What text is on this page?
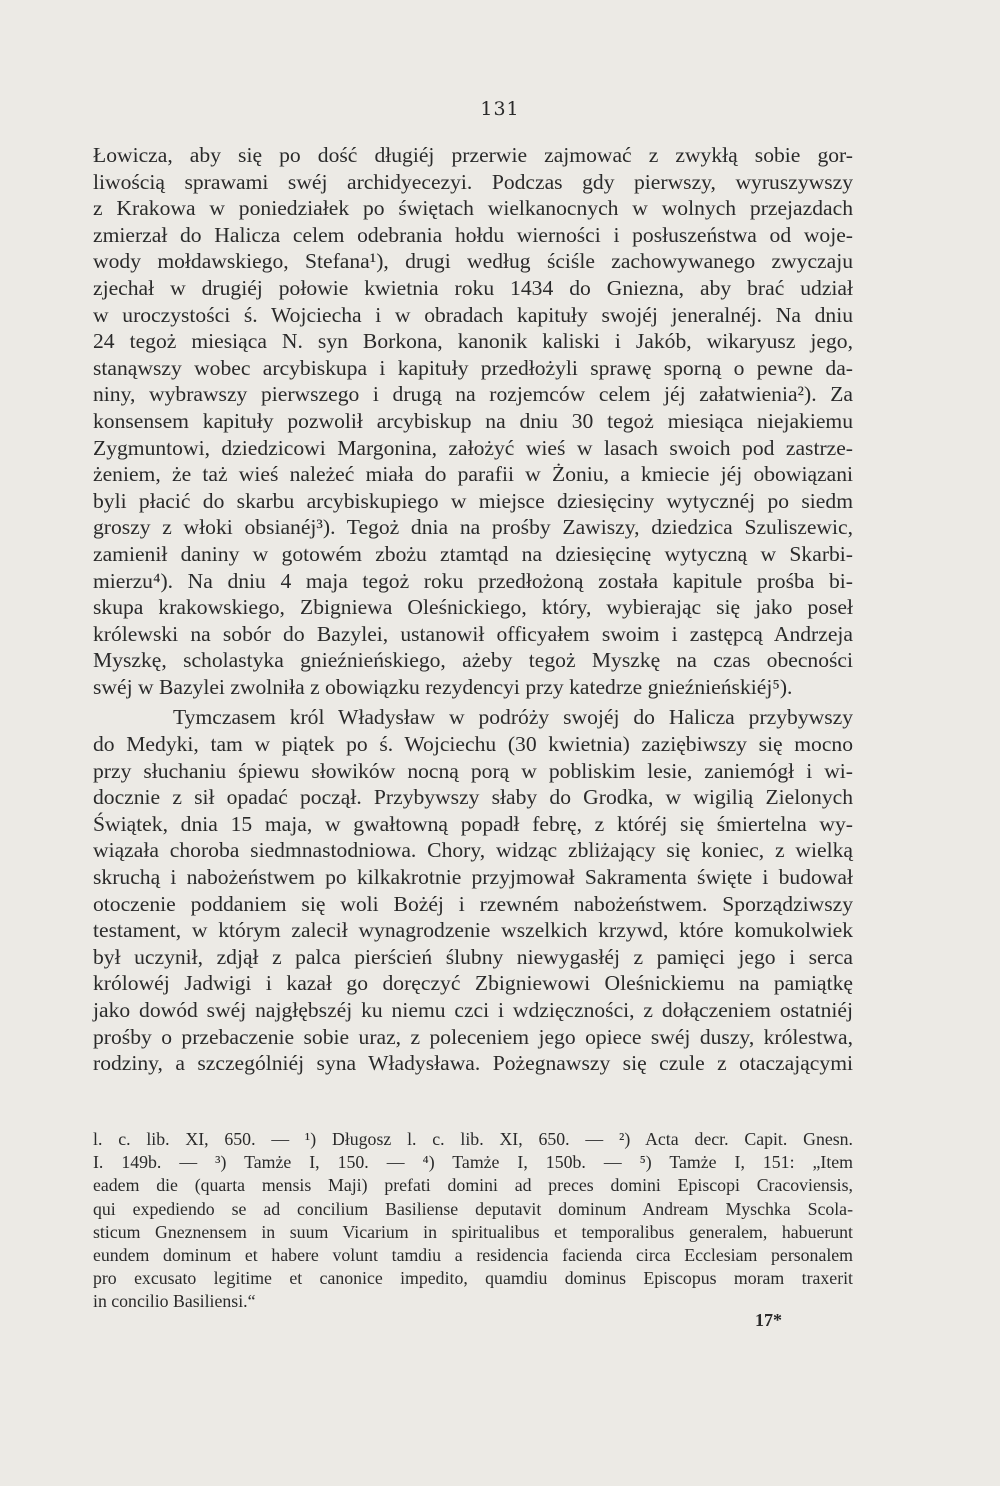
131

Łowicza, aby się po dość długiéj przerwie zajmować z zwykłą sobie gor-
liwością sprawami swéj archidyecezyi. Podczas gdy pierwszy, wyruszywszy
z Krakowa w poniedziałek po świętach wielkanocnych w wolnych przejazdach
zmierzał do Halicza celem odebrania hołdu wierności i posłuszeństwa od woje-
wody mołdawskiego, Stefana¹), drugi według ściśle zachowywanego zwyczaju
zjechał w drugiéj połowie kwietnia roku 1434 do Gniezna, aby brać udział
w uroczystości ś. Wojciecha i w obradach kapituły swojéj jeneralnéj. Na dniu
24 tegoż miesiąca N. syn Borkona, kanonik kaliski i Jakób, wikaryusz jego,
stanąwszy wobec arcybiskupa i kapituły przedłożyli sprawę sporną o pewne da-
niny, wybrawszy pierwszego i drugą na rozjemców celem jéj załatwienia²). Za
konsensem kapituły pozwolił arcybiskup na dniu 30 tegoż miesiąca niejakiemu
Zygmuntowi, dziedzicowi Margonina, założyć wieś w lasach swoich pod zastrze-
żeniem, że taż wieś należeć miała do parafii w Żoniu, a kmiecie jéj obowiązani
byli płacić do skarbu arcybiskupiego w miejsce dziesięciny wytycznéj po siedm
groszy z włoki obsianéj³). Tegoż dnia na prośby Zawiszy, dziedzica Szuliszewic,
zamienił daniny w gotowém zbożu ztamtąd na dziesięcinę wytyczną w Skarbi-
mierzu⁴). Na dniu 4 maja tegoż roku przedłożoną została kapitule prośba bi-
skupa krakowskiego, Zbigniewa Oleśnickiego, który, wybierając się jako poseł
królewski na sobór do Bazylei, ustanowił officyałem swoim i zastępcą Andrzeja
Myszkę, scholastyka gnieźnieńskiego, ażeby tegoż Myszkę na czas obecności
swéj w Bazylei zwolniła z obowiązku rezydencyi przy katedrze gnieźnieńskiéj⁵).

Tymczasem król Władysław w podróży swojéj do Halicza przybywszy
do Medyki, tam w piątek po ś. Wojciechu (30 kwietnia) zaziębiwszy się mocno
przy słuchaniu śpiewu słowików nocną porą w pobliskim lesie, zaniemógł i wi-
docznie z sił opadać począł. Przybywszy słaby do Grodka, w wigilią Zielonych
Świątek, dnia 15 maja, w gwałtowną popadł febrę, z któréj się śmiertelna wy-
wiązała choroba siedmnastodniowa. Chory, widząc zbliżający się koniec, z wielką
skruchą i nabożeństwem po kilkakrotnie przyjmował Sakramenta święte i budował
otoczenie poddaniem się woli Bożéj i rzewném nabożeństwem. Sporządziwszy
testament, w którym zalecił wynagrodzenie wszelkich krzywd, które komukolwiek
był uczynił, zdjął z palca pierścień ślubny niewygasłéj z pamięci jego i serca
królowéj Jadwigi i kazał go doręczyć Zbigniewowi Oleśnickiemu na pamiątkę
jako dowód swéj najgłębszéj ku niemu czci i wdzięczności, z dołączeniem ostatniéj
prośby o przebaczenie sobie uraz, z poleceniem jego opiece swéj duszy, królestwa,
rodziny, a szczególniéj syna Władysława. Pożegnawszy się czule z otaczającymi

l. c. lib. XI, 650. — ¹) Długosz l. c. lib. XI, 650. — ²) Acta decr. Capit. Gnesn.
I. 149b. — ³) Tamże I, 150. — ⁴) Tamże I, 150b. — ⁵) Tamże I, 151: „Item
eadem die (quarta mensis Maji) prefati domini ad preces domini Episcopi Cracoviensis,
qui expediendo se ad concilium Basiliense deputavit dominum Andream Myschka Scola-
sticum Gneznensem in suum Vicarium in spiritualibus et temporalibus generalem, habuerunt
eundem dominum et habere volunt tamdiu a residencia facienda circa Ecclesiam personalem
pro excusato legitime et canonice impedito, quamdiu dominus Episcopus moram traxerit
in concilio Basiliensi.“
17*
